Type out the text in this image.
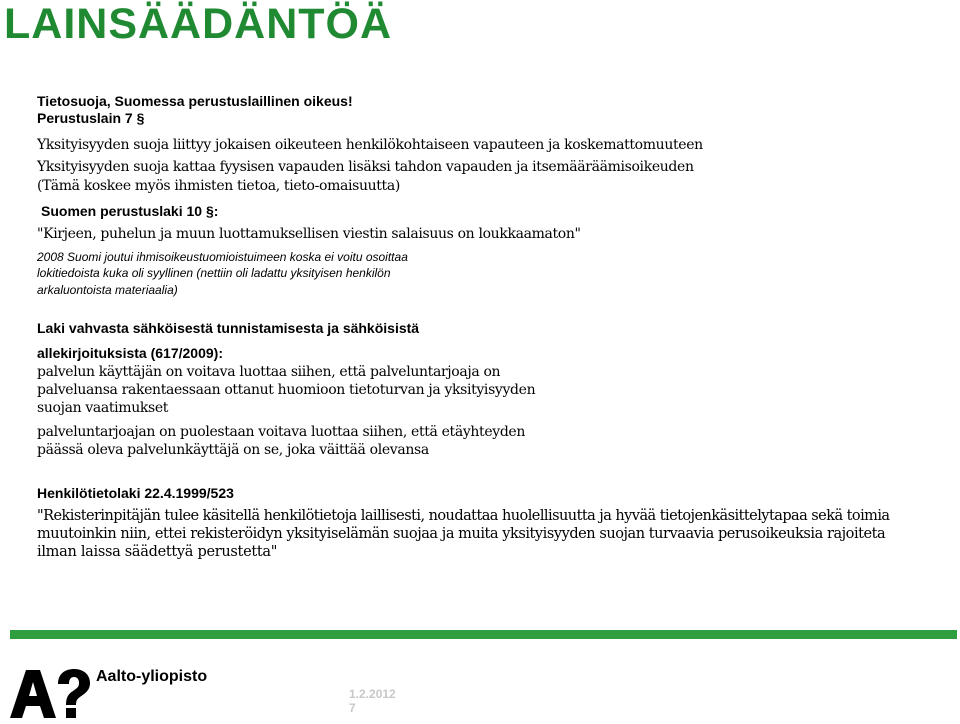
LAINSÄÄDÄNTÖÄ
Tietosuoja, Suomessa perustuslaillinen oikeus!
Perustuslain 7 §
Yksityisyyden suoja liittyy jokaisen oikeuteen henkilökohtaiseen vapauteen ja koskemattomuuteen
Yksityisyyden suoja kattaa fyysisen vapauden lisäksi tahdon vapauden ja itsemääräämisoikeuden
(Tämä koskee myös ihmisten tietoa, tieto-omaisuutta)
Suomen perustuslaki 10 §:
"Kirjeen, puhelun ja muun luottamuksellisen viestin salaisuus on loukkaamaton"
2008 Suomi joutui ihmisoikeustuomioistuimeen koska ei voitu osoittaa
lokitiedoista kuka oli syyllinen (nettiin oli ladattu yksityisen henkilön
arkaluontoista materiaalia)
Laki vahvasta sähköisestä tunnistamisesta ja sähköisistä
allekirjoituksista (617/2009):
palvelun käyttäjän on voitava luottaa siihen, että palveluntarjoaja on
palveluansa rakentaessaan ottanut huomioon tietoturvan ja yksityisyyden
suojan vaatimukset
palveluntarjoajan on puolestaan voitava luottaa siihen, että etäyhteyden
päässä oleva palvelunkäyttäjä on se, joka väittää olevansa
Henkilötietolaki 22.4.1999/523
"Rekisterinpitäjän tulee käsitellä henkilötietoja laillisesti, noudattaa huolellisuutta ja hyvää tietojenkäsittelytapaa sekä toimia
muutoinkin niin, ettei rekisteröidyn yksityiselämän suojaa ja muita yksityisyyden suojan turvaavia perusoikeuksia rajoiteta
ilman laissa säädettyä perustetta"
Aalto-yliopisto
1.2.2012
7
